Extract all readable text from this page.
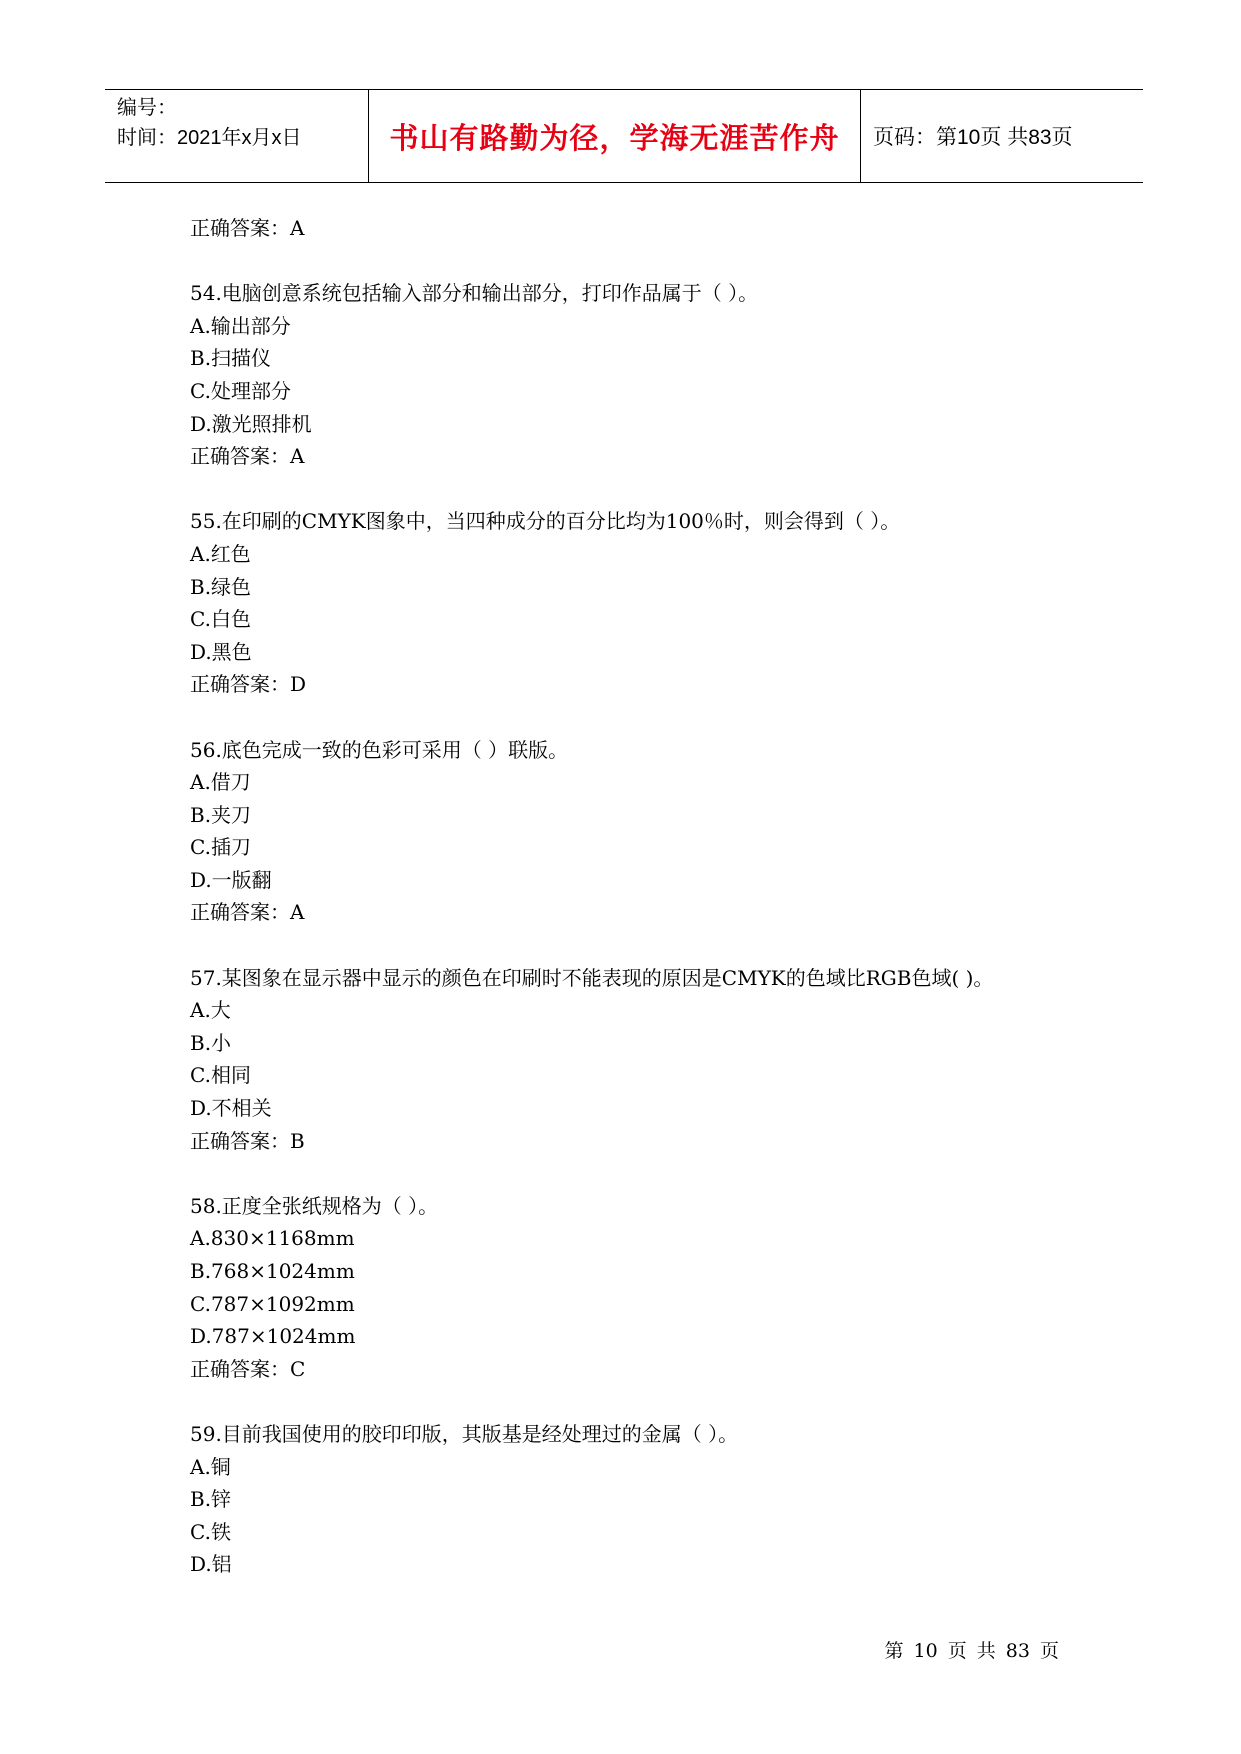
编号：
时间：2021年x月x日	书山有路勤为径，学海无涯苦作舟	页码：第10页 共83页
正确答案：A
54.电脑创意系统包括输入部分和输出部分，打印作品属于（ ）。
A.输出部分
B.扫描仪
C.处理部分
D.激光照排机
正确答案：A
55.在印刷的CMYK图象中，当四种成分的百分比均为100％时，则会得到（ ）。
A.红色
B.绿色
C.白色
D.黑色
正确答案：D
56.底色完成一致的色彩可采用（ ）联版。
A.借刀
B.夹刀
C.插刀
D.一版翻
正确答案：A
57.某图象在显示器中显示的颜色在印刷时不能表现的原因是CMYK的色域比RGB色域( )。
A.大
B.小
C.相同
D.不相关
正确答案：B
58.正度全张纸规格为（ ）。
A.830×1168mm
B.768×1024mm
C.787×1092mm
D.787×1024mm
正确答案：C
59.目前我国使用的胶印印版，其版基是经处理过的金属（ ）。
A.铜
B.锌
C.铁
D.铝
第 10 页 共 83 页
